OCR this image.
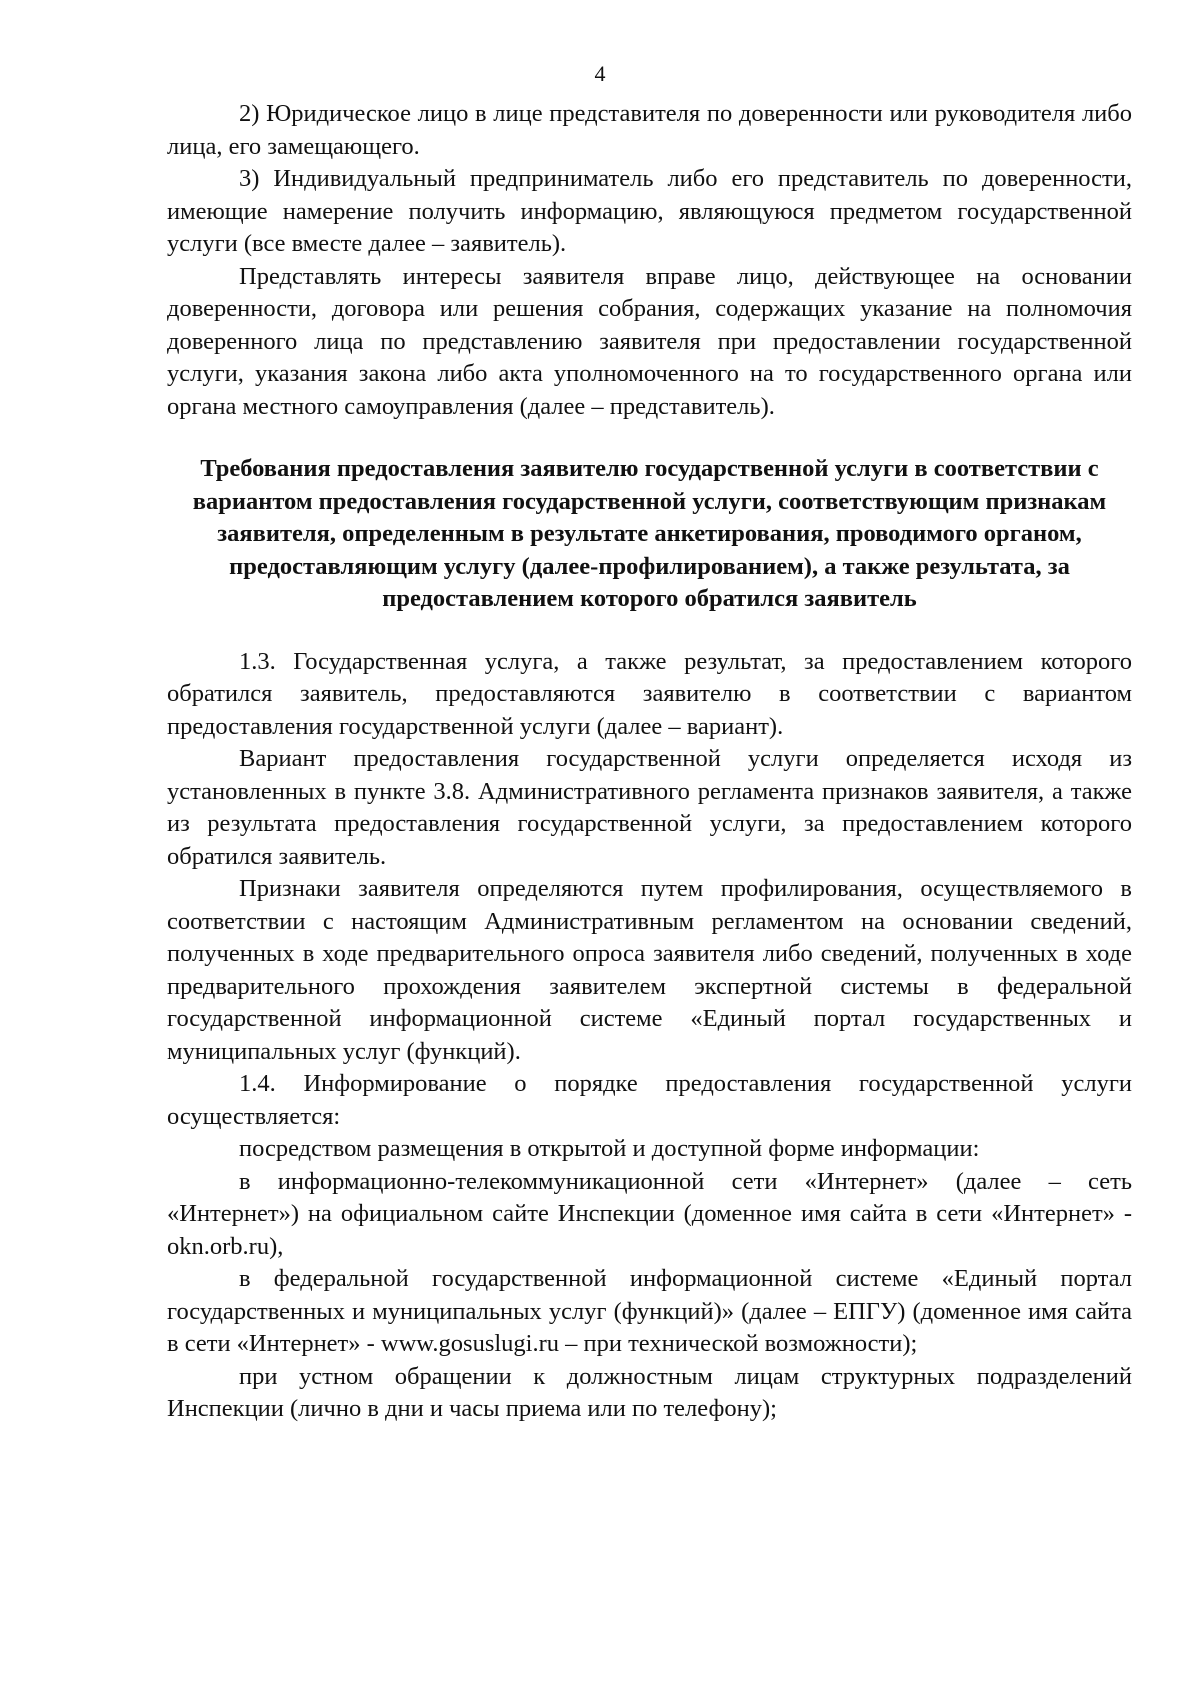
4

2) Юридическое лицо в лице представителя по доверенности или руководителя либо лица, его замещающего.

3) Индивидуальный предприниматель либо его представитель по доверенности, имеющие намерение получить информацию, являющуюся предметом государственной услуги (все вместе далее – заявитель).

Представлять интересы заявителя вправе лицо, действующее на основании доверенности, договора или решения собрания, содержащих указание на полномочия доверенного лица по представлению заявителя при предоставлении государственной услуги, указания закона либо акта уполномоченного на то государственного органа или органа местного самоуправления (далее – представитель).

Требования предоставления заявителю государственной услуги в соответствии с вариантом предоставления государственной услуги, соответствующим признакам заявителя, определенным в результате анкетирования, проводимого органом, предоставляющим услугу (далее-профилированием), а также результата, за предоставлением которого обратился заявитель

1.3. Государственная услуга, а также результат, за предоставлением которого обратился заявитель, предоставляются заявителю в соответствии с вариантом предоставления государственной услуги (далее – вариант).

Вариант предоставления государственной услуги определяется исходя из установленных в пункте 3.8. Административного регламента признаков заявителя, а также из результата предоставления государственной услуги, за предоставлением которого обратился заявитель.

Признаки заявителя определяются путем профилирования, осуществляемого в соответствии с настоящим Административным регламентом на основании сведений, полученных в ходе предварительного опроса заявителя либо сведений, полученных в ходе предварительного прохождения заявителем экспертной системы в федеральной государственной информационной системе «Единый портал государственных и муниципальных услуг (функций).

1.4. Информирование о порядке предоставления государственной услуги осуществляется:

посредством размещения в открытой и доступной форме информации:

в информационно-телекоммуникационной сети «Интернет» (далее – сеть «Интернет») на официальном сайте Инспекции (доменное имя сайта в сети «Интернет» - okn.orb.ru),

в федеральной государственной информационной системе «Единый портал государственных и муниципальных услуг (функций)» (далее – ЕПГУ) (доменное имя сайта в сети «Интернет» - www.gosuslugi.ru – при технической возможности);

при устном обращении к должностным лицам структурных подразделений Инспекции (лично в дни и часы приема или по телефону);
